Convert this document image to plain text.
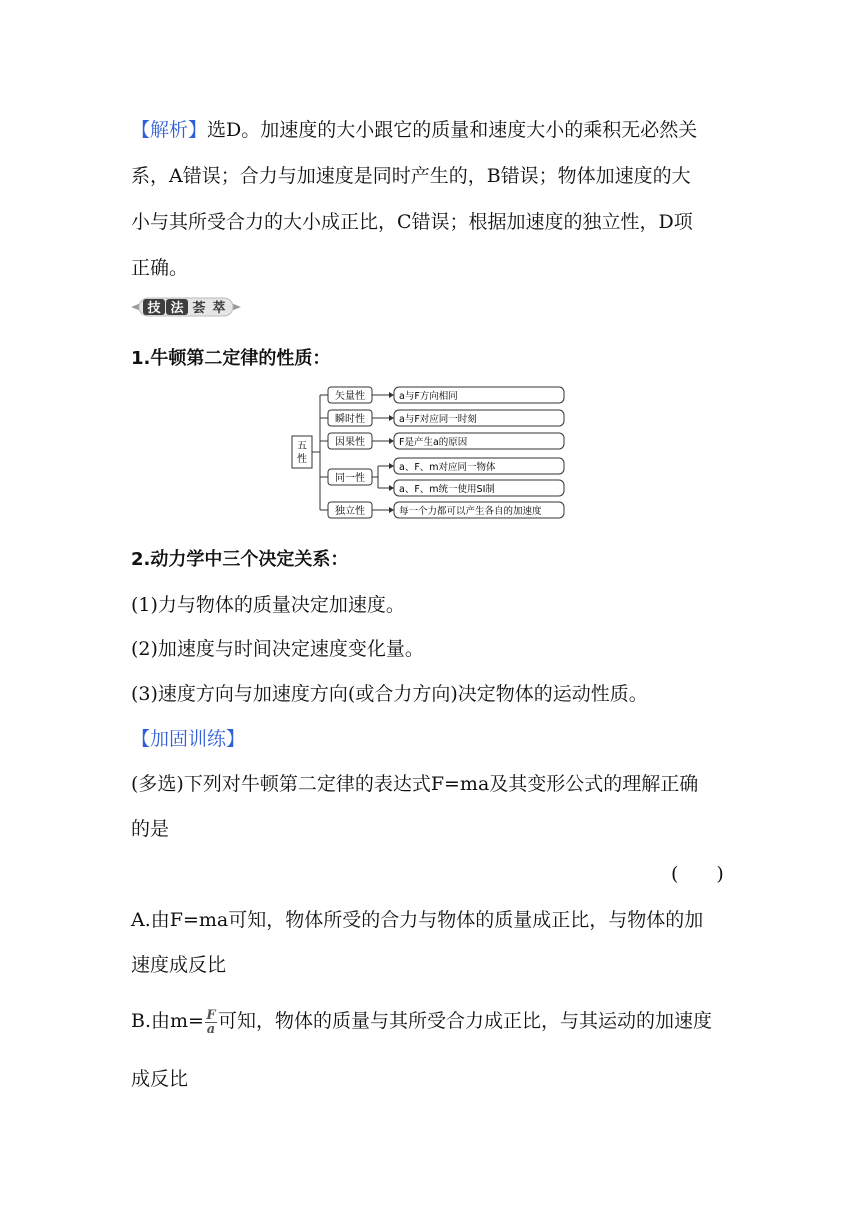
【解析】选D。加速度的大小跟它的质量和速度大小的乘积无必然关
系，A错误；合力与加速度是同时产生的，B错误；物体加速度的大
小与其所受合力的大小成正比，C错误；根据加速度的独立性，D项
正确。
技 法 荟 萃
1.牛顿第二定律的性质：
五
性
矢量性	a与F方向相同
瞬时性	a与F对应同一时刻
因果性	F是产生a的原因
同一性
a、F、m对应同一物体
a、F、m统一使用SI制
独立性	每一个力都可以产生各自的加速度
2.动力学中三个决定关系：
(1)力与物体的质量决定加速度。
(2)加速度与时间决定速度变化量。
(3)速度方向与加速度方向(或合力方向)决定物体的运动性质。
【加固训练】
(多选)下列对牛顿第二定律的表达式F=ma及其变形公式的理解正确
的是
(　　)
A.由F=ma可知，物体所受的合力与物体的质量成正比，与物体的加
速度成反比
B.由$m= \frac{F}{a}$ 可知，物体的质量与其所受合力成正比，与其运动的加速度
成反比
